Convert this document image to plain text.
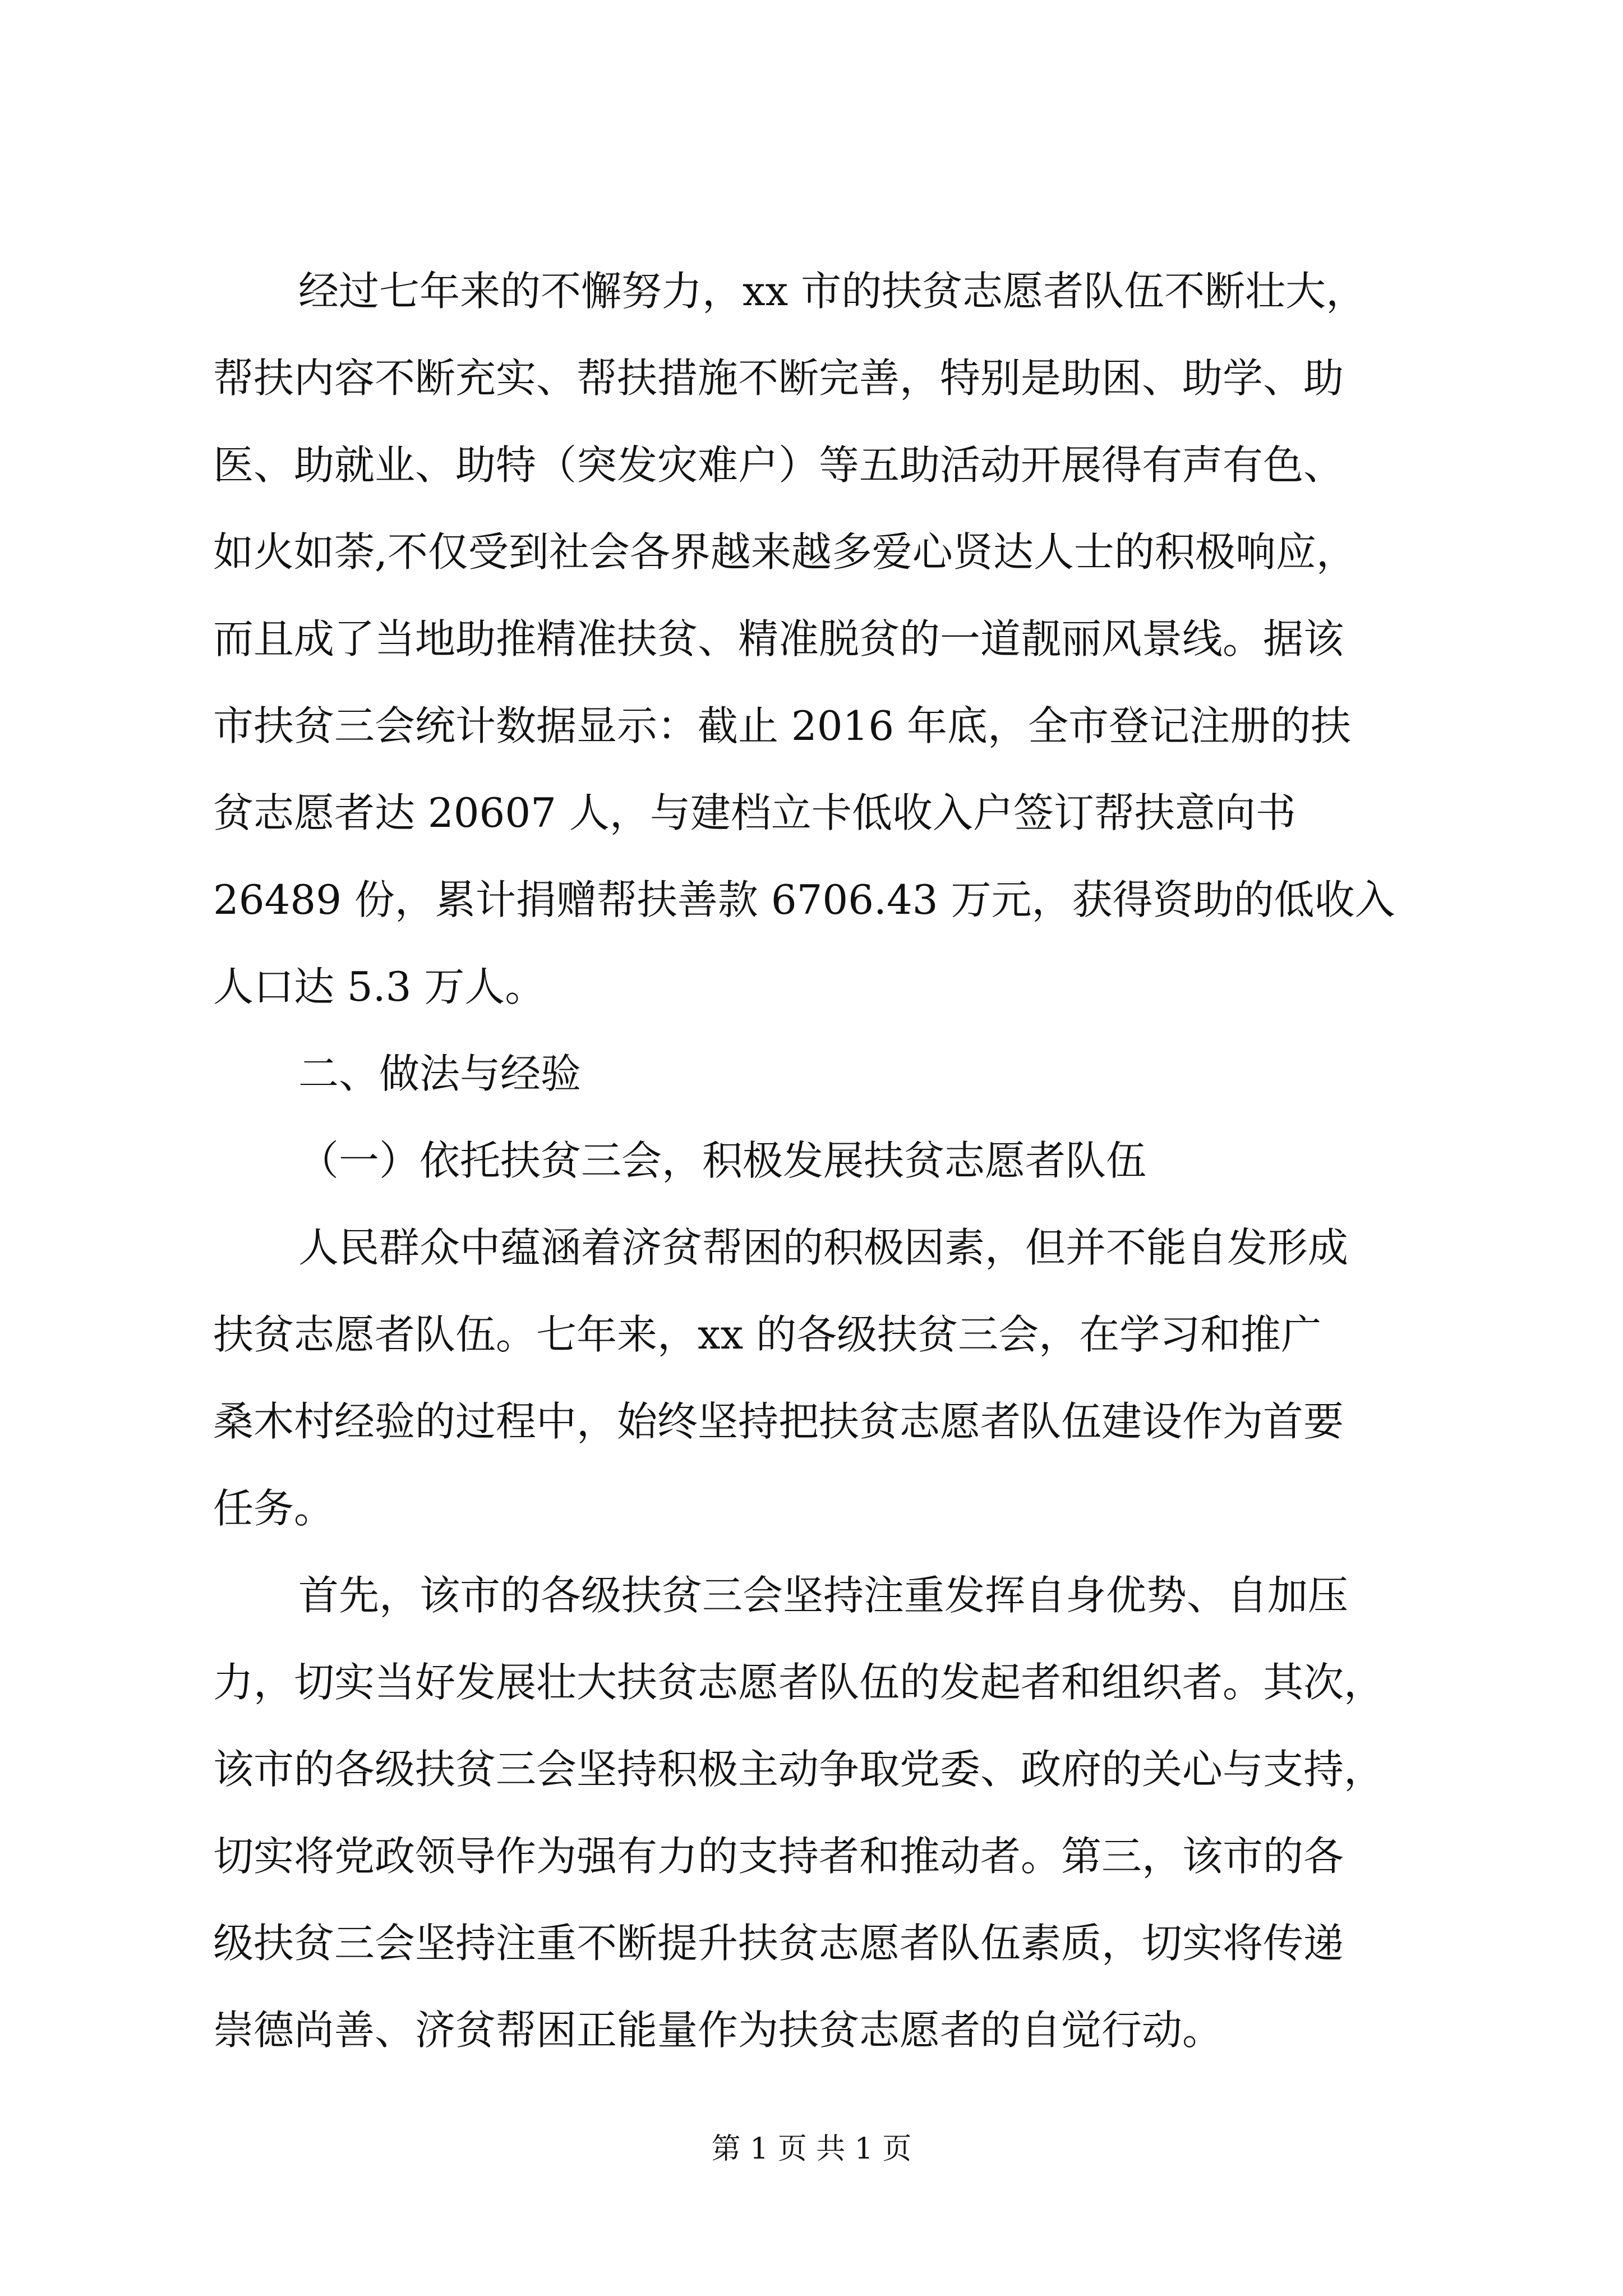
经过七年来的不懈努力，xx 市的扶贫志愿者队伍不断壮大，

帮扶内容不断充实、帮扶措施不断完善，特别是助困、助学、助

医、助就业、助特（突发灾难户）等五助活动开展得有声有色、

如火如荼,不仅受到社会各界越来越多爱心贤达人士的积极响应，

而且成了当地助推精准扶贫、精准脱贫的一道靓丽风景线。据该

市扶贫三会统计数据显示：截止 2016 年底，全市登记注册的扶

贫志愿者达 20607 人，与建档立卡低收入户签订帮扶意向书

26489 份，累计捐赠帮扶善款 6706.43 万元，获得资助的低收入

人口达 5.3 万人。

二、做法与经验

（一）依托扶贫三会，积极发展扶贫志愿者队伍

人民群众中蕴涵着济贫帮困的积极因素，但并不能自发形成

扶贫志愿者队伍。七年来，xx 的各级扶贫三会，在学习和推广

桑木村经验的过程中，始终坚持把扶贫志愿者队伍建设作为首要

任务。

首先，该市的各级扶贫三会坚持注重发挥自身优势、自加压

力，切实当好发展壮大扶贫志愿者队伍的发起者和组织者。其次，

该市的各级扶贫三会坚持积极主动争取党委、政府的关心与支持，

切实将党政领导作为强有力的支持者和推动者。第三，该市的各

级扶贫三会坚持注重不断提升扶贫志愿者队伍素质，切实将传递

崇德尚善、济贫帮困正能量作为扶贫志愿者的自觉行动。

第 1 页 共 1 页
